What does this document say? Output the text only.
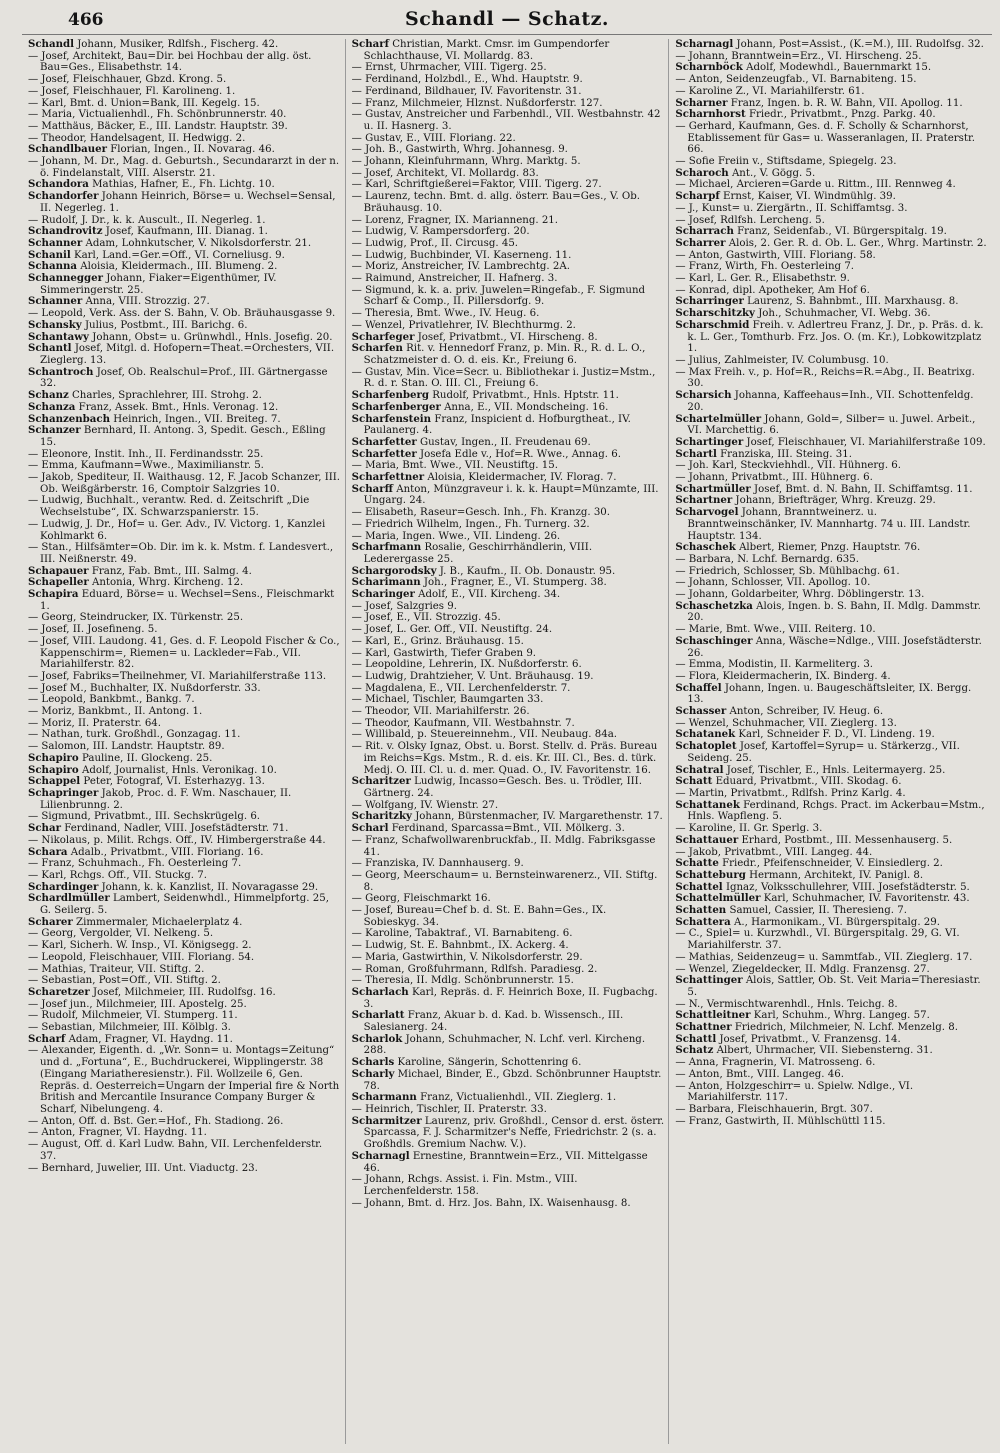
466	Schandl — Schatz.

Schandl Johann, Musiker, Rdlfsh., Fischerg. 42.

— Josef, Architekt, Bau=Dir. bei Hochbau der allg. öst. Bau=Ges., Elisabethstr. 14.

— Josef, Fleischhauer, Gbzd. Krong. 5.

— Josef, Fleischhauer, Fl. Karolineng. 1.

— Karl, Bmt. d. Union=Bank, III. Kegelg. 15.

— Maria, Victualienhdl., Fh. Schönbrunnerstr. 40.

— Matthäus, Bäcker, E., III. Landstr. Hauptstr. 39.

— Theodor, Handelsagent, II. Hedwigg. 2.

Schandlbauer Florian, Ingen., II. Novarag. 46.

— Johann, M. Dr., Mag. d. Geburtsh., Secundararzt in der n. ö. Findelanstalt, VIII. Alserstr. 21.

Schandora Mathias, Hafner, E., Fh. Lichtg. 10.

Schandorfer Johann Heinrich, Börse= u. Wechsel=Sensal, II. Negerleg. 1.

— Rudolf, J. Dr., k. k. Auscult., II. Negerleg. 1.

Schandrovitz Josef, Kaufmann, III. Dianag. 1.

Schanner Adam, Lohnkutscher, V. Nikolsdorferstr. 21.

Schanil Karl, Land.=Ger.=Off., VI. Corneliusg. 9.

Schanna Aloisia, Kleidermach., III. Blumeng. 2.

Schannegger Johann, Fiaker=Eigenthümer, IV. Simmeringerstr. 25.

Schanner Anna, VIII. Strozzig. 27.

— Leopold, Verk. Ass. der S. Bahn, V. Ob. Bräuhausgasse 9.

Schansky Julius, Postbmt., III. Barichg. 6.

Schantawy Johann, Obst= u. Grünwhdl., Hnls. Josefig. 20.

Schantl Josef, Mitgl. d. Hofopern=Theat.=Orchesters, VII. Zieglerg. 13.

Schantroch Josef, Ob. Realschul=Prof., III. Gärtnergasse 32.

Schanz Charles, Sprachlehrer, III. Strohg. 2.

Schanza Franz, Assek. Bmt., Hnls. Veronag. 12.

Schanzenbach Heinrich, Ingen., VII. Breiteg. 7.

Schanzer Bernhard, II. Antong. 3, Spedit. Gesch., Eßling 15.

— Eleonore, Instit. Inh., II. Ferdinandsstr. 25.

— Emma, Kaufmann=Wwe., Maximilianstr. 5.

— Jakob, Spediteur, II. Waithausg. 12, F. Jacob Schanzer, III. Ob. Weißgärberstr. 16, Comptoir Salzgries 10.

— Ludwig, Buchhalt., verantw. Red. d. Zeitschrift „Die Wechselstube“, IX. Schwarzspanierstr. 15.

— Ludwig, J. Dr., Hof= u. Ger. Adv., IV. Victorg. 1, Kanzlei Kohlmarkt 6.

— Stan., Hilfsämter=Ob. Dir. im k. k. Mstm. f. Landesvert., III. Neißnerstr. 49.

Schapauer Franz, Fab. Bmt., III. Salmg. 4.

Schapeller Antonia, Whrg. Kircheng. 12.

Schapira Eduard, Börse= u. Wechsel=Sens., Fleischmarkt 1.

— Georg, Steindrucker, IX. Türkenstr. 25.

— Josef, II. Josefineng. 5.

— Josef, VIII. Laudong. 41, Ges. d. F. Leopold Fischer & Co., Kappenschirm=, Riemen= u. Lackleder=Fab., VII. Mariahilferstr. 82.

— Josef, Fabriks=Theilnehmer, VI. Mariahilferstraße 113.

— Josef M., Buchhalter, IX. Nußdorferstr. 33.

— Leopold, Bankbmt., Bankg. 7.

— Moriz, Bankbmt., II. Antong. 1.

— Moriz, II. Praterstr. 64.

— Nathan, turk. Großhdl., Gonzagag. 11.

— Salomon, III. Landstr. Hauptstr. 89.

Schapiro Pauline, II. Glockeng. 25.

Schapiro Adolf, Journalist, Hnls. Veronikag. 10.

Schappel Peter, Fotograf, VI. Esterhazyg. 13.

Schapringer Jakob, Proc. d. F. Wm. Naschauer, II. Lilienbrunng. 2.

— Sigmund, Privatbmt., III. Sechskrügelg. 6.

Schar Ferdinand, Nadler, VIII. Josefstädterstr. 71.

— Nikolaus, p. Milit. Rchgs. Off., IV. Himbergerstraße 44.

Schara Adalb., Privatbmt., VIII. Floriang. 16.

— Franz, Schuhmach., Fh. Oesterleing 7.

— Karl, Rchgs. Off., VII. Stuckg. 7.

Schardinger Johann, k. k. Kanzlist, II. Novaragasse 29.

Schardlmüller Lambert, Seidenwhdl., Himmelpfortg. 25, G. Seilerg. 5.

Scharer Zimmermaler, Michaelerplatz 4.

— Georg, Vergolder, VI. Nelkeng. 5.

— Karl, Sicherh. W. Insp., VI. Königsegg. 2.

— Leopold, Fleischhauer, VIII. Floriang. 54.

— Mathias, Traiteur, VII. Stiftg. 2.

— Sebastian, Post=Off., VII. Stiftg. 2.

Scharetzer Josef, Milchmeier, III. Rudolfsg. 16.

— Josef jun., Milchmeier, III. Apostelg. 25.

— Rudolf, Milchmeier, VI. Stumperg. 11.

— Sebastian, Milchmeier, III. Kölblg. 3.

Scharf Adam, Fragner, VI. Haydng. 11.

— Alexander, Eigenth. d. „Wr. Sonn= u. Montags=Zeitung“ und d. „Fortuna“, E., Buchdruckerei, Wipplingerstr. 38 (Eingang Mariatheresienstr.). Fil. Wollzeile 6, Gen. Repräs. d. Oesterreich=Ungarn der Imperial fire & North British and Mercantile Insurance Company Burger & Scharf, Nibelungeng. 4.

— Anton, Off. d. Bst. Ger.=Hof., Fh. Stadiong. 26.

— Anton, Fragner, VI. Haydng. 11.

— August, Off. d. Karl Ludw. Bahn, VII. Lerchenfelderstr. 37.

— Bernhard, Juwelier, III. Unt. Viaductg. 23.

Scharf Christian, Markt. Cmsr. im Gumpendorfer Schlachthause, VI. Mollardg. 83.

— Ernst, Uhrmacher, VIII. Tigerg. 25.

— Ferdinand, Holzbdl., E., Whd. Hauptstr. 9.

— Ferdinand, Bildhauer, IV. Favoritenstr. 31.

— Franz, Milchmeier, Hlznst. Nußdorferstr. 127.

— Gustav, Anstreicher und Farbenhdl., VII. Westbahnstr. 42 u. II. Hasnerg. 3.

— Gustav, E., VIII. Floriang. 22.

— Joh. B., Gastwirth, Whrg. Johannesg. 9.

— Johann, Kleinfuhrmann, Whrg. Marktg. 5.

— Josef, Architekt, VI. Mollardg. 83.

— Karl, Schriftgießerei=Faktor, VIII. Tigerg. 27.

— Laurenz, techn. Bmt. d. allg. österr. Bau=Ges., V. Ob. Bräuhausg. 10.

— Lorenz, Fragner, IX. Marianneng. 21.

— Ludwig, V. Rampersdorferg. 20.

— Ludwig, Prof., II. Circusg. 45.

— Ludwig, Buchbinder, VI. Kaserneng. 11.

— Moriz, Anstreicher, IV. Lambrechtg. 2A.

— Raimund, Anstreicher, II. Hafnerg. 3.

— Sigmund, k. k. a. priv. Juwelen=Ringefab., F. Sigmund Scharf & Comp., II. Pillersdorfg. 9.

— Theresia, Bmt. Wwe., IV. Heug. 6.

— Wenzel, Privatlehrer, IV. Blechthurmg. 2.

Scharfeger Josef, Privatbmt., VI. Hirscheng. 8.

Scharfen Rit. v. Hennedorf Franz, p. Min. R., R. d. L. O., Schatzmeister d. O. d. eis. Kr., Freiung 6.

— Gustav, Min. Vice=Secr. u. Bibliothekar i. Justiz=Mstm., R. d. r. Stan. O. III. Cl., Freiung 6.

Scharfenberg Rudolf, Privatbmt., Hnls. Hptstr. 11.

Scharfenberger Anna, E., VII. Mondscheing. 16.

Scharfenstein Franz, Inspicient d. Hofburgtheat., IV. Paulanerg. 4.

Scharfetter Gustav, Ingen., II. Freudenau 69.

Scharfetter Josefa Edle v., Hof=R. Wwe., Annag. 6.

— Maria, Bmt. Wwe., VII. Neustiftg. 15.

Scharfettner Aloisia, Kleidermacher, IV. Florag. 7.

Scharff Anton, Münzgraveur i. k. k. Haupt=Münzamte, III. Ungarg. 24.

— Elisabeth, Raseur=Gesch. Inh., Fh. Kranzg. 30.

— Friedrich Wilhelm, Ingen., Fh. Turnerg. 32.

— Maria, Ingen. Wwe., VII. Lindeng. 26.

Scharfmann Rosalie, Geschirrhändlerin, VIII. Lederergasse 25.

Schargorodsky J. B., Kaufm., II. Ob. Donaustr. 95.

Scharimann Joh., Fragner, E., VI. Stumperg. 38.

Scharinger Adolf, E., VII. Kircheng. 34.

— Josef, Salzgries 9.

— Josef, E., VII. Strozzig. 45.

— Josef, L. Ger. Off., VII. Neustiftg. 24.

— Karl, E., Grinz. Bräuhausg. 15.

— Karl, Gastwirth, Tiefer Graben 9.

— Leopoldine, Lehrerin, IX. Nußdorferstr. 6.

— Ludwig, Drahtzieher, V. Unt. Bräuhausg. 19.

— Magdalena, E., VII. Lerchenfelderstr. 7.

— Michael, Tischler, Baumgarten 33.

— Theodor, VII. Mariahilferstr. 26.

— Theodor, Kaufmann, VII. Westbahnstr. 7.

— Willibald, p. Steuereinnehm., VII. Neubaug. 84a.

— Rit. v. Olsky Ignaz, Obst. u. Borst. Stellv. d. Präs. Bureau im Reichs=Kgs. Mstm., R. d. eis. Kr. III. Cl., Bes. d. türk. Medj. O. III. Cl. u. d. mer. Quad. O., IV. Favoritenstr. 16.

Scharitzer Ludwig, Incasso=Gesch. Bes. u. Trödler, III. Gärtnerg. 24.

— Wolfgang, IV. Wienstr. 27.

Scharitzky Johann, Bürstenmacher, IV. Margarethenstr. 17.

Scharl Ferdinand, Sparcassa=Bmt., VII. Mölkerg. 3.

— Franz, Schafwollwarenbruckfab., II. Mdlg. Fabriksgasse 41.

— Franziska, IV. Dannhauserg. 9.

— Georg, Meerschaum= u. Bernsteinwarenerz., VII. Stiftg. 8.

— Georg, Fleischmarkt 16.

— Josef, Bureau=Chef b. d. St. E. Bahn=Ges., IX. Sobieskyg. 34.

— Karoline, Tabaktraf., VI. Barnabiteng. 6.

— Ludwig, St. E. Bahnbmt., IX. Ackerg. 4.

— Maria, Gastwirthin, V. Nikolsdorferstr. 29.

— Roman, Großfuhrmann, Rdlfsh. Paradiesg. 2.

— Theresia, II. Mdlg. Schönbrunnerstr. 15.

Scharlach Karl, Repräs. d. F. Heinrich Boxe, II. Fugbachg. 3.

Scharlatt Franz, Akuar b. d. Kad. b. Wissensch., III. Salesianerg. 24.

Scharlok Johann, Schuhmacher, N. Lchf. verl. Kircheng. 288.

Scharls Karoline, Sängerin, Schottenring 6.

Scharly Michael, Binder, E., Gbzd. Schönbrunner Hauptstr. 78.

Scharmann Franz, Victualienhdl., VII. Zieglerg. 1.

— Heinrich, Tischler, II. Praterstr. 33.

Scharmitzer Laurenz, priv. Großhdl., Censor d. erst. österr. Sparcassa, F. J. Scharmitzer's Neffe, Friedrichstr. 2 (s. a. Großhdls. Gremium Nachw. V.).

Scharnagl Ernestine, Branntwein=Erz., VII. Mittelgasse 46.

— Johann, Rchgs. Assist. i. Fin. Mstm., VIII. Lerchenfelderstr. 158.

— Johann, Bmt. d. Hrz. Jos. Bahn, IX. Waisenhausg. 8.

Scharnagl Johann, Post=Assist., (K.=M.), III. Rudolfsg. 32.

— Johann, Branntwein=Erz., VI. Hirscheng. 25.

Scharnböck Adolf, Modewhdl., Bauernmarkt 15.

— Anton, Seidenzeugfab., VI. Barnabiteng. 15.

— Karoline Z., VI. Mariahilferstr. 61.

Scharner Franz, Ingen. b. R. W. Bahn, VII. Apollog. 11.

Scharnhorst Friedr., Privatbmt., Pnzg. Parkg. 40.

— Gerhard, Kaufmann, Ges. d. F. Scholly & Scharnhorst, Etablissement für Gas= u. Wasseranlagen, II. Praterstr. 66.

— Sofie Freiin v., Stiftsdame, Spiegelg. 23.

Scharoch Ant., V. Gögg. 5.

— Michael, Arcieren=Garde u. Rittm., III. Rennweg 4.

Scharpf Ernst, Kaiser, VI. Windmühlg. 39.

— J., Kunst= u. Ziergärtn., II. Schiffamtsg. 3.

— Josef, Rdlfsh. Lercheng. 5.

Scharrach Franz, Seidenfab., VI. Bürgerspitalg. 19.

Scharrer Alois, 2. Ger. R. d. Ob. L. Ger., Whrg. Martinstr. 2.

— Anton, Gastwirth, VIII. Floriang. 58.

— Franz, Wirth, Fh. Oesterleing 7.

— Karl, L. Ger. R., Elisabethstr. 9.

— Konrad, dipl. Apotheker, Am Hof 6.

Scharringer Laurenz, S. Bahnbmt., III. Marxhausg. 8.

Scharschitzky Joh., Schuhmacher, VI. Webg. 36.

Scharschmid Freih. v. Adlertreu Franz, J. Dr., p. Präs. d. k. k. L. Ger., Tomthurb. Frz. Jos. O. (m. Kr.), Lobkowitzplatz 1.

— Julius, Zahlmeister, IV. Columbusg. 10.

— Max Freih. v., p. Hof=R., Reichs=R.=Abg., II. Beatrixg. 30.

Scharsich Johanna, Kaffeehaus=Inh., VII. Schottenfeldg. 20.

Schartelmüller Johann, Gold=, Silber= u. Juwel. Arbeit., VI. Marchettig. 6.

Schartinger Josef, Fleischhauer, VI. Mariahilferstraße 109.

Schartl Franziska, III. Steing. 31.

— Joh. Karl, Steckviehhdl., VII. Hühnerg. 6.

— Johann, Privatbmt., III. Hühnerg. 6.

Schartmüller Josef, Bmt. d. N. Bahn, II. Schiffamtsg. 11.

Schartner Johann, Briefträger, Whrg. Kreuzg. 29.

Scharvogel Johann, Branntweinerz. u. Branntweinschänker, IV. Mannhartg. 74 u. III. Landstr. Hauptstr. 134.

Schaschek Albert, Riemer, Pnzg. Hauptstr. 76.

— Barbara, N. Lchf. Bernardg. 635.

— Friedrich, Schlosser, Sb. Mühlbachg. 61.

— Johann, Schlosser, VII. Apollog. 10.

— Johann, Goldarbeiter, Whrg. Döblingerstr. 13.

Schaschetzka Alois, Ingen. b. S. Bahn, II. Mdlg. Dammstr. 20.

— Marie, Bmt. Wwe., VIII. Reiterg. 10.

Schaschinger Anna, Wäsche=Ndlge., VIII. Josefstädterstr. 26.

— Emma, Modistin, II. Karmeliterg. 3.

— Flora, Kleidermacherin, IX. Binderg. 4.

Schaffel Johann, Ingen. u. Baugeschäftsleiter, IX. Bergg. 13.

Schasser Anton, Schreiber, IV. Heug. 6.

— Wenzel, Schuhmacher, VII. Zieglerg. 13.

Schatanek Karl, Schneider F. D., VI. Lindeng. 19.

Schatoplet Josef, Kartoffel=Syrup= u. Stärkerzg., VII. Seideng. 25.

Schatral Josef, Tischler, E., Hnls. Leitermayerg. 25.

Schatt Eduard, Privatbmt., VIII. Skodag. 6.

— Martin, Privatbmt., Rdlfsh. Prinz Karlg. 4.

Schattanek Ferdinand, Rchgs. Pract. im Ackerbau=Mstm., Hnls. Wapfleng. 5.

— Karoline, II. Gr. Sperlg. 3.

Schattauer Erhard, Postbmt., III. Messenhauserg. 5.

— Jakob, Privatbmt., VIII. Langeg. 44.

Schatte Friedr., Pfeifenschneider, V. Einsiedlerg. 2.

Schatteburg Hermann, Architekt, IV. Panigl. 8.

Schattel Ignaz, Volksschullehrer, VIII. Josefstädterstr. 5.

Schattelmüller Karl, Schuhmacher, IV. Favoritenstr. 43.

Schatten Samuel, Cassier, II. Theresieng. 7.

Schattera A., Harmonikam., VI. Bürgerspitalg. 29.

— C., Spiel= u. Kurzwhdl., VI. Bürgerspitalg. 29, G. VI. Mariahilferstr. 37.

— Mathias, Seidenzeug= u. Sammtfab., VII. Zieglerg. 17.

— Wenzel, Ziegeldecker, II. Mdlg. Franzensg. 27.

Schattinger Alois, Sattler, Ob. St. Veit Maria=Theresiastr. 5.

— N., Vermischtwarenhdl., Hnls. Teichg. 8.

Schattleitner Karl, Schuhm., Whrg. Langeg. 57.

Schattner Friedrich, Milchmeier, N. Lchf. Menzelg. 8.

Schattl Josef, Privatbmt., V. Franzensg. 14.

Schatz Albert, Uhrmacher, VII. Siebensterng. 31.

— Anna, Fragnerin, VI. Matrosseng. 6.

— Anton, Bmt., VIII. Langeg. 46.

— Anton, Holzgeschirr= u. Spielw. Ndlge., VI. Mariahilferstr. 117.

— Barbara, Fleischhauerin, Brgt. 307.

— Franz, Gastwirth, II. Mühlschüttl 115.
